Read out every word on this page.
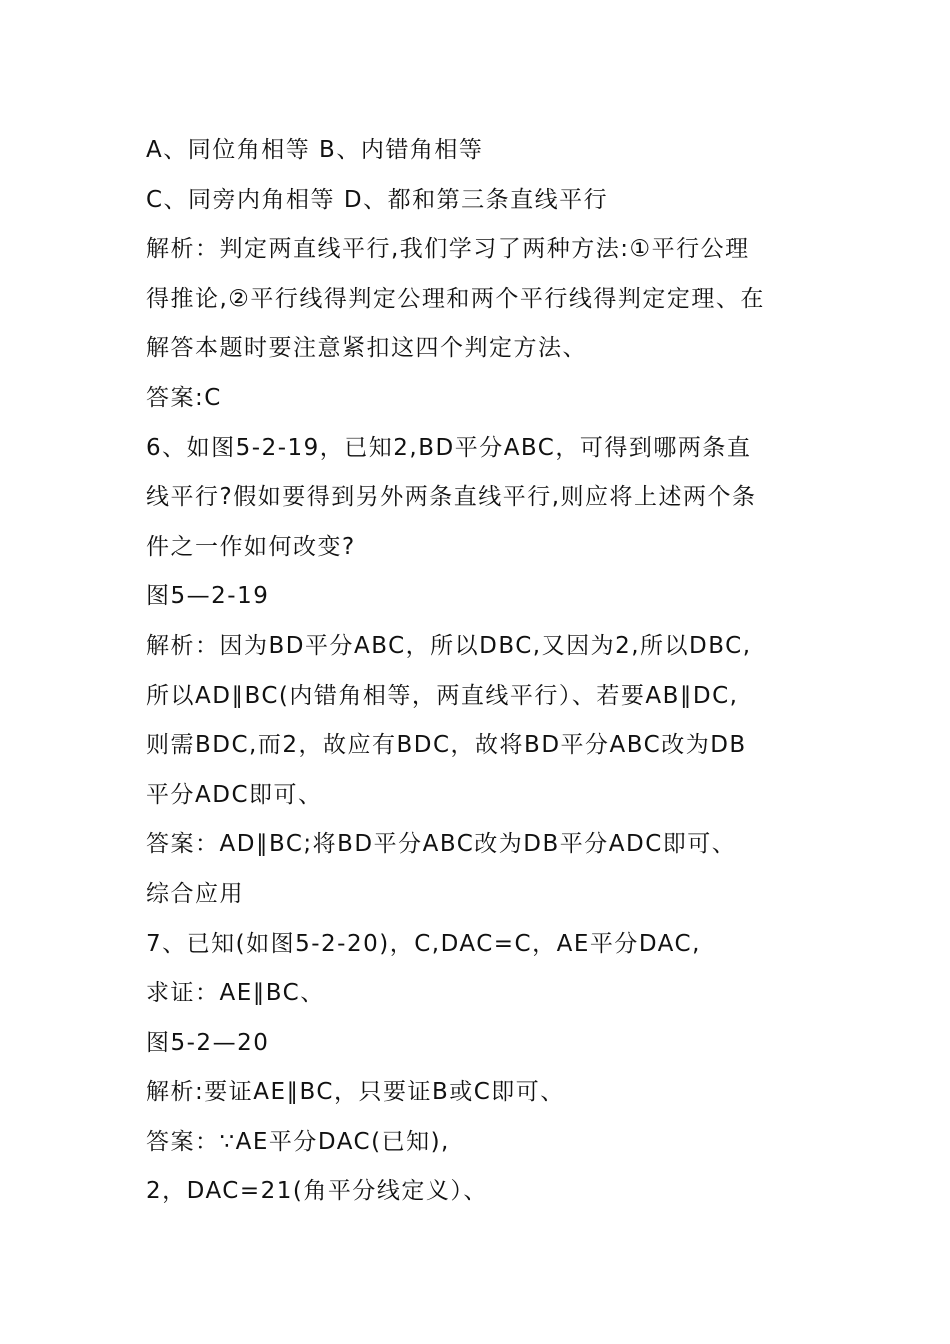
A、同位角相等 B、内错角相等
C、同旁内角相等 D、都和第三条直线平行
解析：判定两直线平行,我们学习了两种方法:①平行公理
得推论,②平行线得判定公理和两个平行线得判定定理、在
解答本题时要注意紧扣这四个判定方法、
答案:C
6、如图5-2-19，已知2,BD平分ABC，可得到哪两条直
线平行?假如要得到另外两条直线平行,则应将上述两个条
件之一作如何改变?
图5—2-19
解析：因为BD平分ABC，所以DBC,又因为2,所以DBC,
所以AD∥BC(内错角相等，两直线平行）、若要AB∥DC,
则需BDC,而2，故应有BDC，故将BD平分ABC改为DB
平分ADC即可、
答案：AD∥BC;将BD平分ABC改为DB平分ADC即可、
综合应用
7、已知(如图5-2-20)，C,DAC=C，AE平分DAC,
求证：AE∥BC、
图5-2—20
解析:要证AE∥BC，只要证B或C即可、
答案：∵AE平分DAC(已知),
2，DAC=21(角平分线定义）、
